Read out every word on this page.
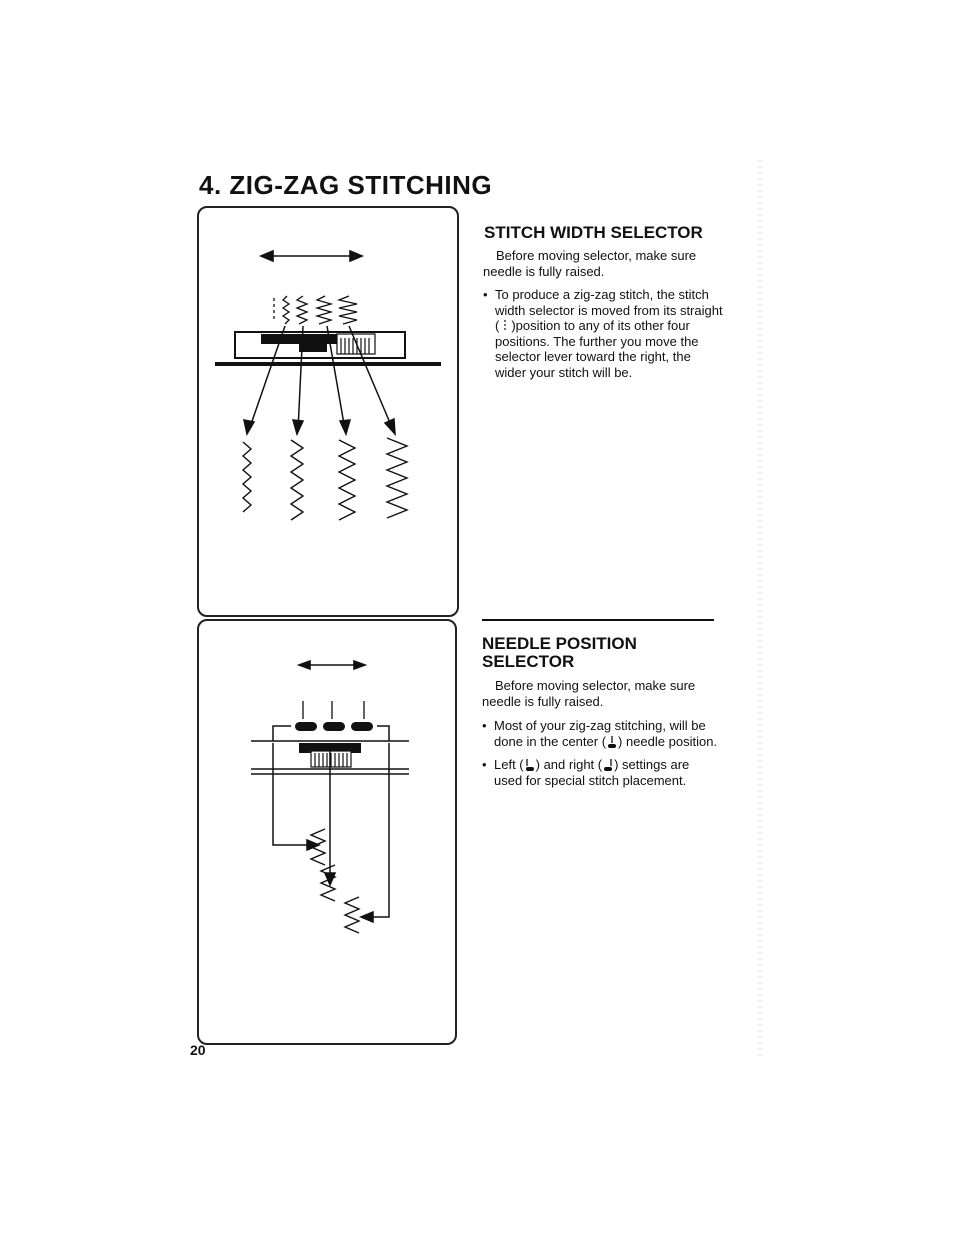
4. ZIG-ZAG STITCHING
STITCH WIDTH SELECTOR
Before moving selector, make sure needle is fully raised.
• To produce a zig-zag stitch, the stitch width selector is moved from its straight ( )position to any of its other four positions. The further you move the selector lever toward the right, the wider your stitch will be.
NEEDLE POSITION
SELECTOR
Before moving selector, make sure needle is fully raised.
• Most of your zig-zag stitching, will be done in the center ( ) needle position.
• Left ( ) and right ( ) settings are used for special stitch placement.
20
